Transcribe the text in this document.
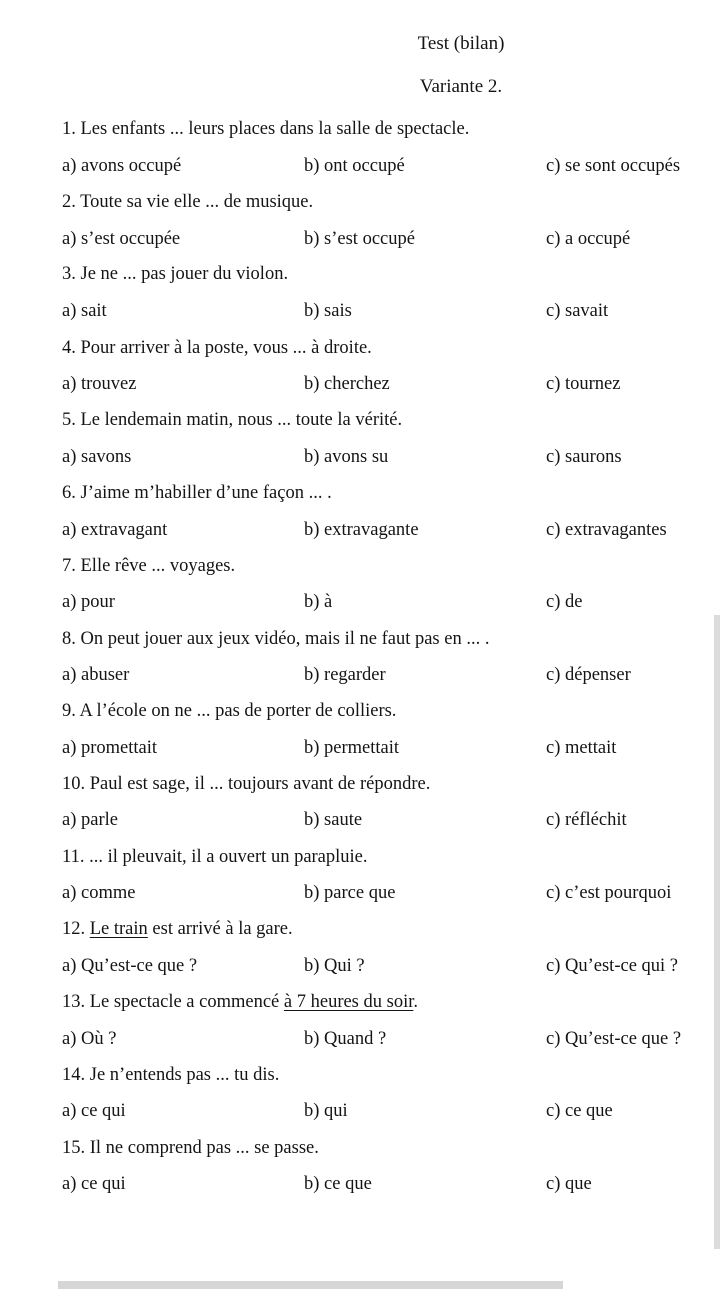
Test (bilan)
Variante 2.
1. Les enfants ... leurs places dans la salle de spectacle.
a) avons occupé	b) ont occupé	c) se sont occupés
2. Toute sa vie elle ... de musique.
a) s’est occupée	b) s’est occupé	c) a occupé
3. Je ne ... pas jouer du violon.
a) sait	b) sais	c) savait
4. Pour arriver à la poste, vous ... à droite.
a) trouvez	b) cherchez	c) tournez
5. Le lendemain matin, nous ... toute la vérité.
a) savons	b) avons su	c) saurons
6. J’aime m’habiller d’une façon ... .
a) extravagant	b) extravagante	c) extravagantes
7. Elle rêve ... voyages.
a) pour	b) à	c) de
8. On peut jouer aux jeux vidéo, mais il ne faut pas en ... .
a) abuser	b) regarder	c) dépenser
9. A l’école on ne ... pas de porter de colliers.
a) promettait	b) permettait	c) mettait
10. Paul est sage, il ... toujours avant de répondre.
a) parle	b) saute	c) réfléchit
11. ... il pleuvait, il a ouvert un parapluie.
a) comme	b) parce que	c) c’est pourquoi
12. Le train est arrivé à la gare.
a) Qu’est-ce que ?	b) Qui ?	c) Qu’est-ce qui ?
13. Le spectacle a commencé à 7 heures du soir.
a) Où ?	b) Quand ?	c) Qu’est-ce que ?
14. Je n’entends pas ... tu dis.
a) ce qui	b) qui	c) ce que
15. Il ne comprend pas ... se passe.
a) ce qui	b) ce que	c) que
